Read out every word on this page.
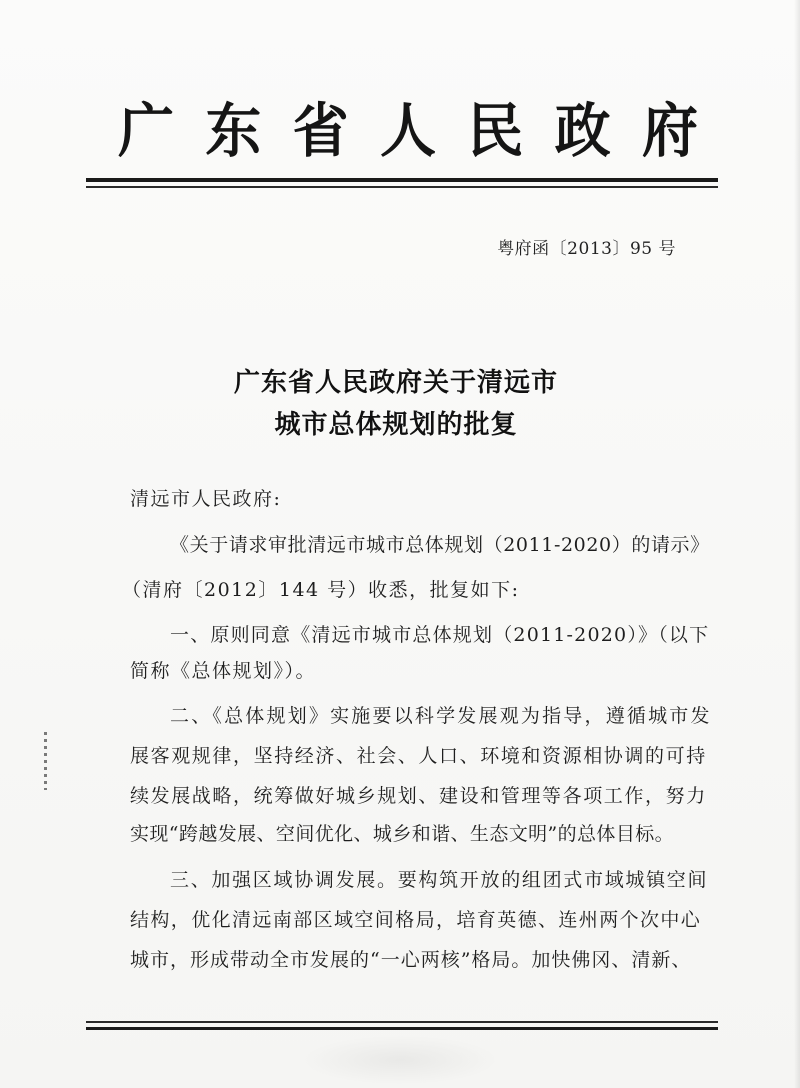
广 东 省 人 民 政 府
粤府函〔2013〕95 号
广东省人民政府关于清远市
城市总体规划的批复
清远市人民政府:
《关于请求审批清远市城市总体规划（2011-2020）的请示》
（清府〔2012〕144 号）收悉，批复如下:
一、原则同意《清远市城市总体规划（2011-2020）》（以下
简称《总体规划》）。
二、《总体规划》实施要以科学发展观为指导，遵循城市发
展客观规律，坚持经济、社会、人口、环境和资源相协调的可持
续发展战略，统筹做好城乡规划、建设和管理等各项工作，努力
实现“跨越发展、空间优化、城乡和谐、生态文明”的总体目标。
三、加强区域协调发展。要构筑开放的组团式市域城镇空间
结构，优化清远南部区域空间格局，培育英德、连州两个次中心
城市，形成带动全市发展的“一心两核”格局。加快佛冈、清新、
